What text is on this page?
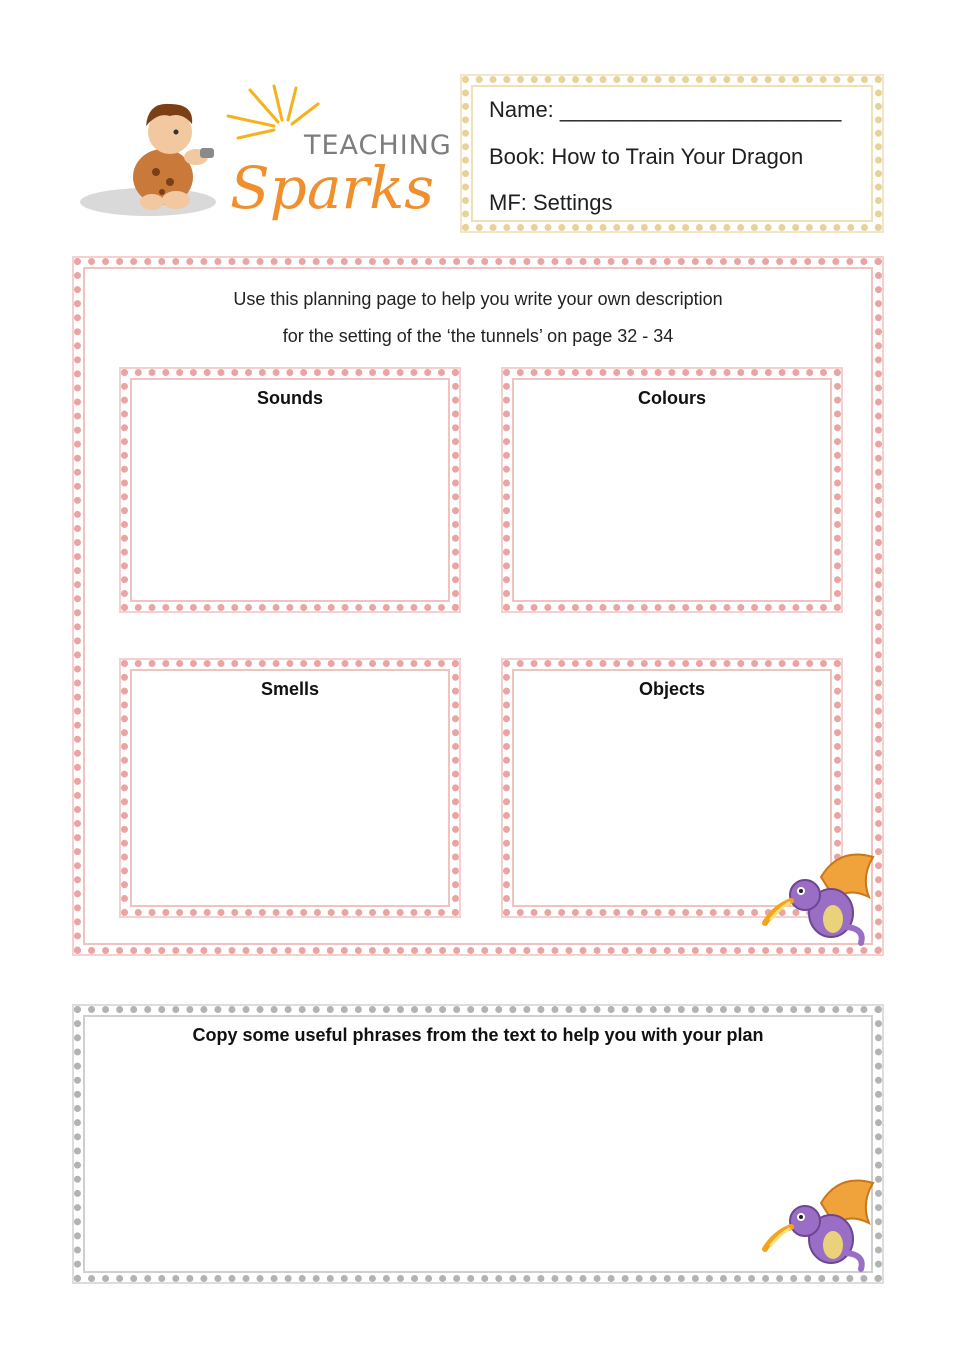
TEACHING
Sparks
Name: _______________________
Book: How to Train Your Dragon
MF: Settings
Use this planning page to help you write your own description
for the setting of the ‘the tunnels’ on page 32 - 34
Sounds	Colours
Smells	Objects
Copy some useful phrases from the text to help you with your plan
